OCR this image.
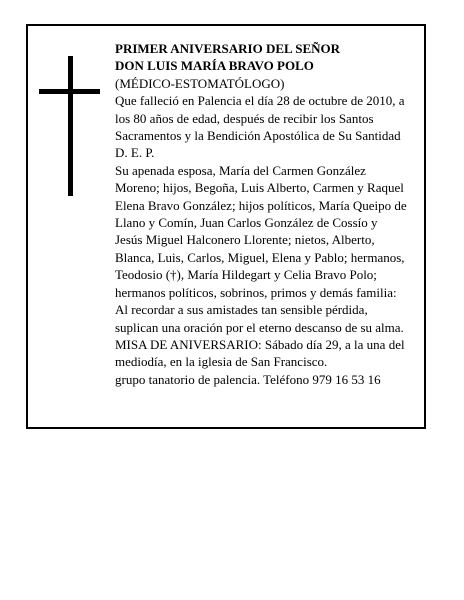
PRIMER ANIVERSARIO DEL SEÑOR

DON LUIS MARÍA BRAVO POLO

(MÉDICO-ESTOMATÓLOGO)

Que falleció en Palencia el día 28 de octubre de 2010, a

los 80 años de edad, después de recibir los Santos

Sacramentos y la Bendición Apostólica de Su Santidad

D. E. P.

Su apenada esposa, María del Carmen González

Moreno; hijos, Begoña, Luis Alberto, Carmen y Raquel

Elena Bravo González; hijos políticos, María Queipo de

Llano y Comín, Juan Carlos González de Cossío y

Jesús Miguel Halconero Llorente; nietos, Alberto,

Blanca, Luis, Carlos, Miguel, Elena y Pablo; hermanos,

Teodosio (†), María Hildegart y Celia Bravo Polo;

hermanos políticos, sobrinos, primos y demás familia:

Al recordar a sus amistades tan sensible pérdida,

suplican una oración por el eterno descanso de su alma.

MISA DE ANIVERSARIO: Sábado día 29, a la una del

mediodía, en la iglesia de San Francisco.

grupo tanatorio de palencia. Teléfono 979 16 53 16
